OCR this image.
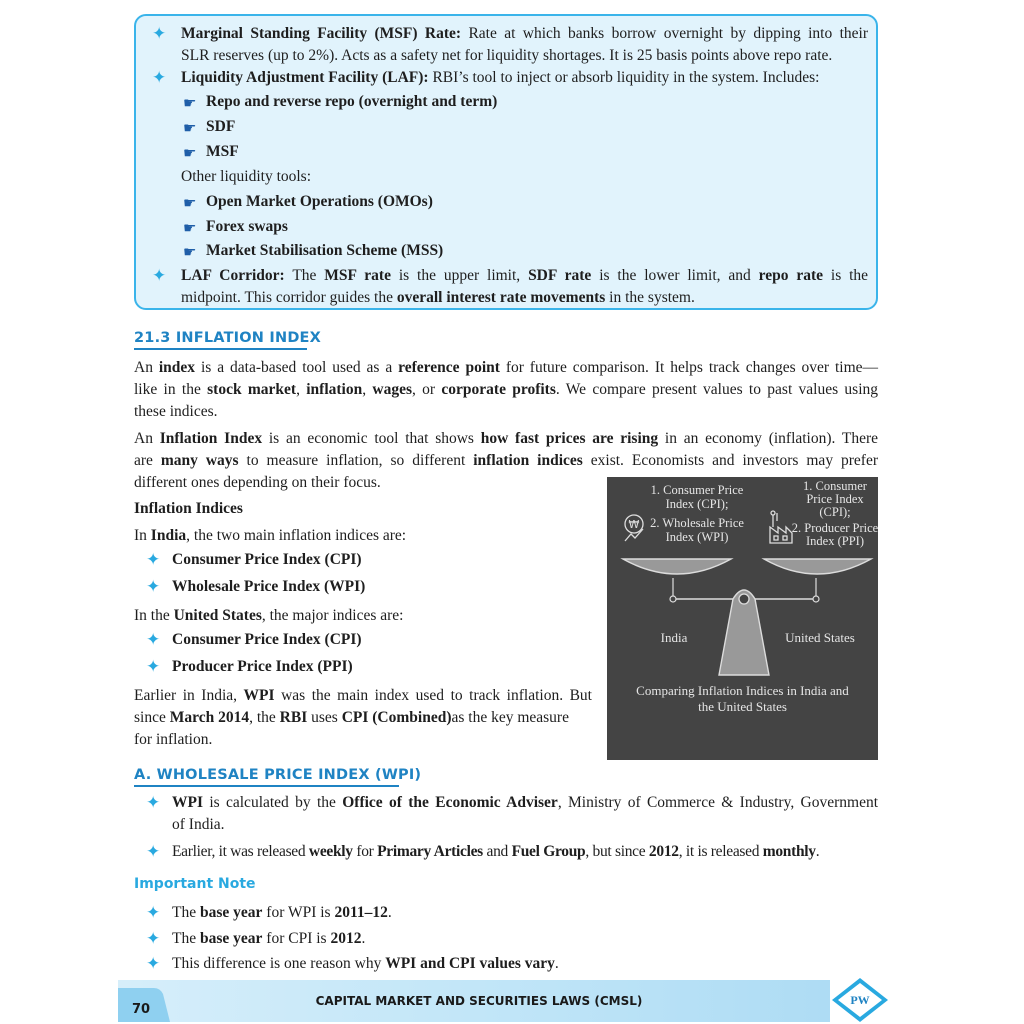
✦ Marginal Standing Facility (MSF) Rate: Rate at which banks borrow overnight by dipping into their
SLR reserves (up to 2%). Acts as a safety net for liquidity shortages. It is 25 basis points above repo rate.
✦ Liquidity Adjustment Facility (LAF): RBI’s tool to inject or absorb liquidity in the system. Includes:
☛ Repo and reverse repo (overnight and term)
☛ SDF
☛ MSF
Other liquidity tools:
☛ Open Market Operations (OMOs)
☛ Forex swaps
☛ Market Stabilisation Scheme (MSS)
✦ LAF Corridor: The MSF rate is the upper limit, SDF rate is the lower limit, and repo rate is the
midpoint. This corridor guides the overall interest rate movements in the system.
21.3 INFLATION INDEX
An index is a data-based tool used as a reference point for future comparison. It helps track changes over time—
like in the stock market, inflation, wages, or corporate profits. We compare present values to past values using
these indices.
An Inflation Index is an economic tool that shows how fast prices are rising in an economy (inflation). There
are many ways to measure inflation, so different inflation indices exist. Economists and investors may prefer
different ones depending on their focus.
Inflation Indices
In India, the two main inflation indices are:
✦ Consumer Price Index (CPI)
✦ Wholesale Price Index (WPI)
In the United States, the major indices are:
✦ Consumer Price Index (CPI)
✦ Producer Price Index (PPI)
Earlier in India, WPI was the main index used to track inflation. But
since March 2014, the RBI uses CPI (Combined)as the key measure
for inflation.
₩
1. Consumer Price
Index (CPI);
2. Wholesale Price
Index (WPI)
1. Consumer
Price Index
(CPI);
2. Producer Price
Index (PPI)
India	United States
Comparing Inflation Indices in India and
the United States
A. WHOLESALE PRICE INDEX (WPI)
✦ WPI is calculated by the Office of the Economic Adviser, Ministry of Commerce & Industry, Government
of India.
✦ Earlier, it was released weekly for Primary Articles and Fuel Group, but since 2012, it is released monthly.
Important Note
✦ The base year for WPI is 2011–12.
✦ The base year for CPI is 2012.
✦ This difference is one reason why WPI and CPI values vary.
70
CAPITAL MARKET AND SECURITIES LAWS (CMSL)	PW
